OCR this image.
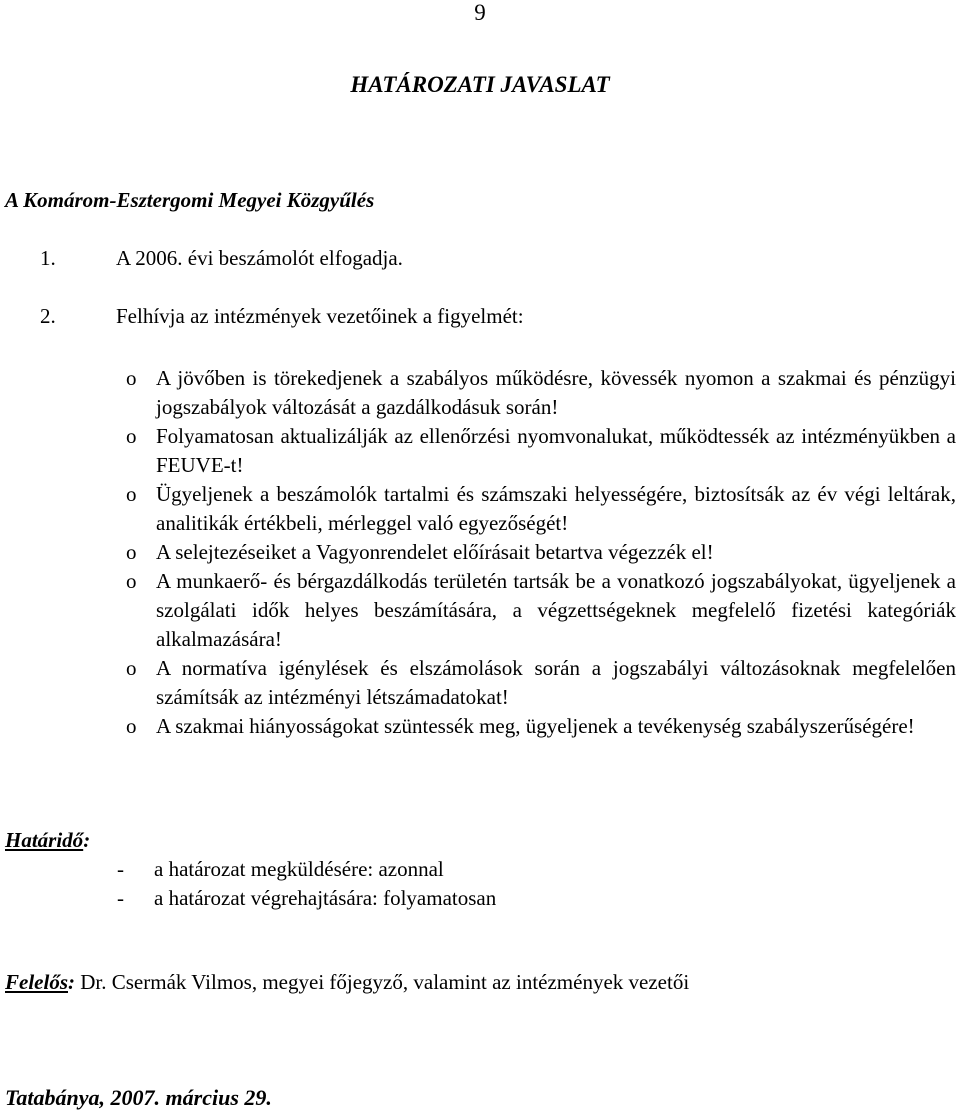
9
HATÁROZATI JAVASLAT
A Komárom-Esztergomi Megyei Közgyűlés
1.	A 2006. évi beszámolót elfogadja.
2.	Felhívja az intézmények vezetőinek a figyelmét:
o A jövőben is törekedjenek a szabályos működésre, kövessék nyomon a szakmai és pénzügyi jogszabályok változását a gazdálkodásuk során!
o Folyamatosan aktualizálják az ellenőrzési nyomvonalukat, működtessék az intézményükben a FEUVE-t!
o Ügyeljenek a beszámolók tartalmi és számszaki helyességére, biztosítsák az év végi leltárak, analitikák értékbeli, mérleggel való egyezőségét!
o A selejtezéseiket a Vagyonrendelet előírásait betartva végezzék el!
o A munkaerő- és bérgazdálkodás területén tartsák be a vonatkozó jogszabályokat, ügyeljenek a szolgálati idők helyes beszámítására, a végzettségeknek megfelelő fizetési kategóriák alkalmazására!
o A normatíva igénylések és elszámolások során a jogszabályi változásoknak megfelelően számítsák az intézményi létszámadatokat!
o A szakmai hiányosságokat szüntessék meg, ügyeljenek a tevékenység szabályszerűségére!
Határidő:
- a határozat megküldésére: azonnal
- a határozat végrehajtására: folyamatosan
Felelős: Dr. Csermák Vilmos, megyei főjegyző, valamint az intézmények vezetői
Tatabánya, 2007. március 29.
